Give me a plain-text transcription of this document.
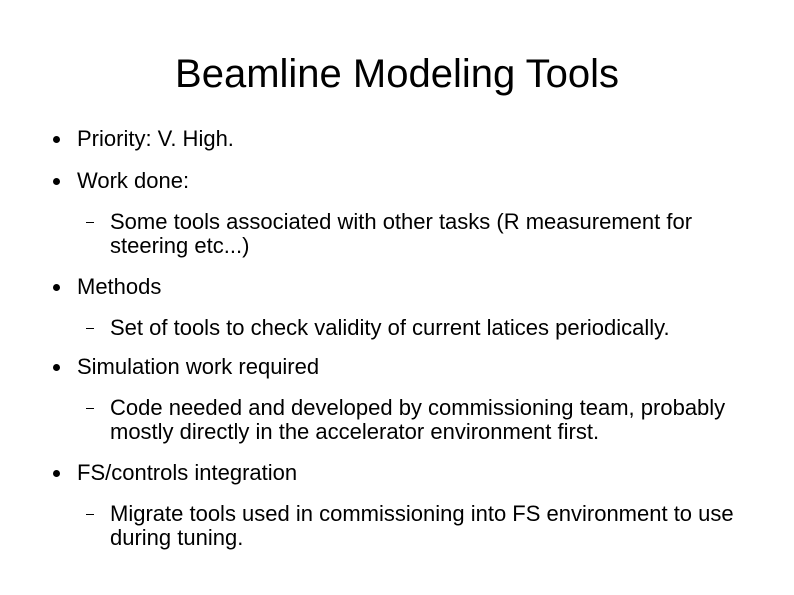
Beamline Modeling Tools
Priority: V. High.
Work done:
Some tools associated with other tasks (R measurement for steering etc...)
Methods
Set of tools to check validity of current latices periodically.
Simulation work required
Code needed and developed by commissioning team, probably mostly directly in the accelerator environment first.
FS/controls integration
Migrate tools used in commissioning into FS environment to use during tuning.
